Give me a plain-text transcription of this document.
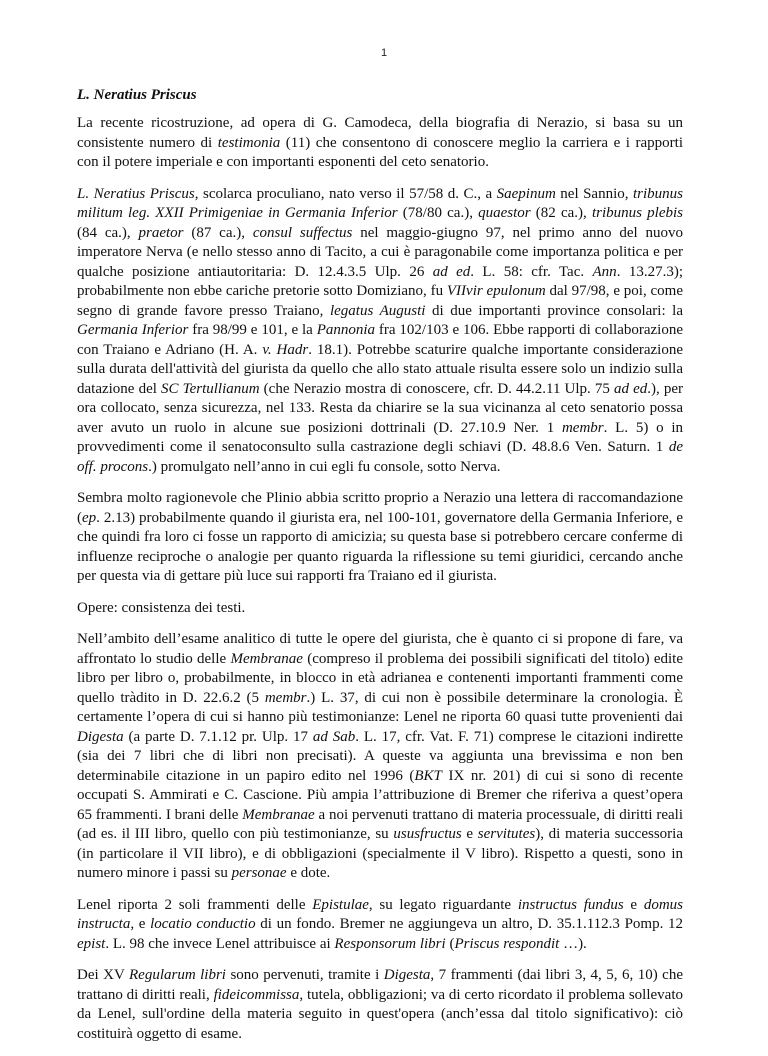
1
L. Neratius Priscus

La recente ricostruzione, ad opera di G. Camodeca, della biografia di Nerazio, si basa su un consistente numero di testimonia (11) che consentono di conoscere meglio la carriera e i rapporti con il potere imperiale e con importanti esponenti del ceto senatorio.

L. Neratius Priscus, scolarca proculiano, nato verso il 57/58 d. C., a Saepinum nel Sannio, tribunus militum leg. XXII Primigeniae in Germania Inferior (78/80 ca.), quaestor (82 ca.), tribunus plebis (84 ca.), praetor (87 ca.), consul suffectus nel maggio-giugno 97, nel primo anno del nuovo imperatore Nerva (e nello stesso anno di Tacito, a cui è paragonabile come importanza politica e per qualche posizione antiautoritaria: D. 12.4.3.5 Ulp. 26 ad ed. L. 58: cfr. Tac. Ann. 13.27.3); probabilmente non ebbe cariche pretorie sotto Domiziano, fu VIIvir epulonum dal 97/98, e poi, come segno di grande favore presso Traiano, legatus Augusti di due importanti province consolari: la Germania Inferior fra 98/99 e 101, e la Pannonia fra 102/103 e 106. Ebbe rapporti di collaborazione con Traiano e Adriano (H. A. v. Hadr. 18.1). Potrebbe scaturire qualche importante considerazione sulla durata dell'attività del giurista da quello che allo stato attuale risulta essere solo un indizio sulla datazione del SC Tertullianum (che Nerazio mostra di conoscere, cfr. D. 44.2.11 Ulp. 75 ad ed.), per ora collocato, senza sicurezza, nel 133. Resta da chiarire se la sua vicinanza al ceto senatorio possa aver avuto un ruolo in alcune sue posizioni dottrinali (D. 27.10.9 Ner. 1 membr. L. 5) o in provvedimenti come il senatoconsulto sulla castrazione degli schiavi (D. 48.8.6 Ven. Saturn. 1 de off. procons.) promulgato nell’anno in cui egli fu console, sotto Nerva.

Sembra molto ragionevole che Plinio abbia scritto proprio a Nerazio una lettera di raccomandazione (ep. 2.13) probabilmente quando il giurista era, nel 100-101, governatore della Germania Inferiore, e che quindi fra loro ci fosse un rapporto di amicizia; su questa base si potrebbero cercare conferme di influenze reciproche o analogie per quanto riguarda la riflessione su temi giuridici, cercando anche per questa via di gettare più luce sui rapporti fra Traiano ed il giurista.

Opere: consistenza dei testi.

Nell’ambito dell’esame analitico di tutte le opere del giurista, che è quanto ci si propone di fare, va affrontato lo studio delle Membranae (compreso il problema dei possibili significati del titolo) edite libro per libro o, probabilmente, in blocco in età adrianea e contenenti importanti frammenti come quello tràdito in D. 22.6.2 (5 membr.) L. 37, di cui non è possibile determinare la cronologia. È certamente l’opera di cui si hanno più testimonianze: Lenel ne riporta 60 quasi tutte provenienti dai Digesta (a parte D. 7.1.12 pr. Ulp. 17 ad Sab. L. 17, cfr. Vat. F. 71) comprese le citazioni indirette (sia dei 7 libri che di libri non precisati). A queste va aggiunta una brevissima e non ben determinabile citazione in un papiro edito nel 1996 (BKT IX nr. 201) di cui si sono di recente occupati S. Ammirati e C. Cascione. Più ampia l’attribuzione di Bremer che riferiva a quest’opera 65 frammenti. I brani delle Membranae a noi pervenuti trattano di materia processuale, di diritti reali (ad es. il III libro, quello con più testimonianze, su ususfructus e servitutes), di materia successoria (in particolare il VII libro), e di obbligazioni (specialmente il V libro). Rispetto a questi, sono in numero minore i passi su personae e dote.

Lenel riporta 2 soli frammenti delle Epistulae, su legato riguardante instructus fundus e domus instructa, e locatio conductio di un fondo. Bremer ne aggiungeva un altro, D. 35.1.112.3 Pomp. 12 epist. L. 98 che invece Lenel attribuisce ai Responsorum libri (Priscus respondit …).

Dei XV Regularum libri sono pervenuti, tramite i Digesta, 7 frammenti (dai libri 3, 4, 5, 6, 10) che trattano di diritti reali, fideicommissa, tutela, obbligazioni; va di certo ricordato il problema sollevato da Lenel, sull'ordine della materia seguito in quest'opera (anch’essa dal titolo significativo): ciò costituirà oggetto di esame.
